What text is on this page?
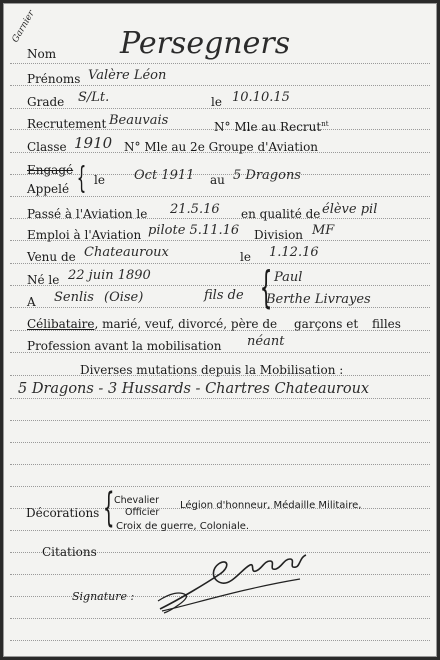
Garnier
Nom Persegners
Prénoms Valère Léon
Grade S/Lt.	le 10.10.15
Recrutement Beauvais	N° Mle au Recrut$^{nt}$
Classe 1910 N° Mle au 2e Groupe d'Aviation
Engagé
Appelé { le Oct 1911 au 5 Dragons
Passé à l'Aviation le 21.5.16 en qualité de élève pil
Emploi à l'Aviation pilote 5.11.16 Division MF
Venu de Chateauroux	le 1.12.16
Né le 22 juin 1890
A Senlis (Oise)	fils de { Paul
Berthe Livrayes
Célibataire, marié, veuf, divorcé, père de garçons et filles
Profession avant la mobilisation néant
Diverses mutations depuis la Mobilisation :
5 Dragons - 3 Hussards - Chartres Chateauroux
Décorations { Chevalier
Officier
Légion d'honneur, Médaille Militaire,
Croix de guerre, Coloniale.
Citations
Signature :
